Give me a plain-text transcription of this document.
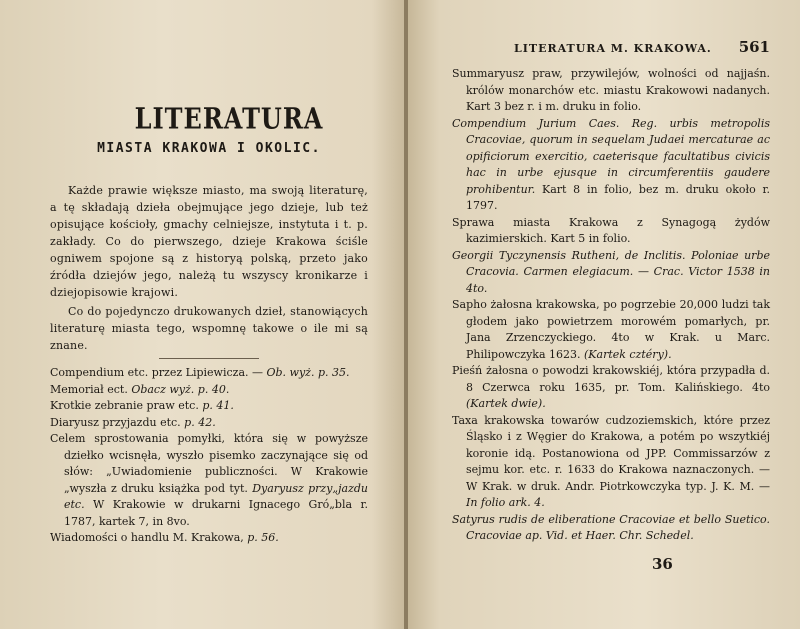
LITERATURA
MIASTA KRAKOWA I OKOLIC.

Każde prawie większe miasto, ma swoją literaturę, a tę składają dzieła obejmujące jego dzieje, lub też opisujące kościoły, gmachy celniejsze, instytuta i t. p. zakłady. Co do pierwszego, dzieje Krakowa ściśle ogniwem spojone są z historyą polską, przeto jako źródła dziejów jego, należą tu wszyscy kronikarze i dziejopisowie krajowi.

Co do pojedynczo drukowanych dzieł, stanowiących literaturę miasta tego, wspomnę takowe o ile mi są znane.

Compendium etc. przez Lipiewicza. — Ob. wyż. p. 35.

Memoriał ect. Obacz wyż. p. 40.

Krotkie zebranie praw etc. p. 41.

Diaryusz przyjazdu etc. p. 42.

Celem sprostowania pomyłki, która się w powyższe dziełko wcisnęła, wyszło pisemko zaczynające się od słów: „Uwiadomienie publiczności. W Krakowie „wyszła z druku książka pod tyt. Dyaryusz przy„jazdu etc. W Krakowie w drukarni Ignacego Gró„bla r. 1787, kartek 7, in 8vo.

Wiadomości o handlu M. Krakowa, p. 56.

LITERATURA M. KRAKOWA. 561

Summaryusz praw, przywilejów, wolności od najjaśn. królów monarchów etc. miastu Krakowowi nadanych. Kart 3 bez r. i m. druku in folio.

Compendium Jurium Caes. Reg. urbis metropolis Cracoviae, quorum in sequelam Judaei mercaturae ac opificiorum exercitio, caeterisque facultatibus civicis hac in urbe ejusque in circumferentiis gaudere prohibentur. Kart 8 in folio, bez m. druku około r. 1797.

Sprawa miasta Krakowa z Synagogą żydów kazimierskich. Kart 5 in folio.

Georgii Tyczynensis Rutheni, de Inclitis. Poloniae urbe Cracovia. Carmen elegiacum. — Crac. Victor 1538 in 4to.

Sapho żałosna krakowska, po pogrzebie 20,000 ludzi tak głodem jako powietrzem morowém pomarłych, pr. Jana Zrzenczyckiego. 4to w Krak. u Marc. Philipowczyka 1623. (Kartek cztéry).

Pieśń żałosna o powodzi krakowskiéj, która przypadła d. 8 Czerwca roku 1635, pr. Tom. Kalińskiego. 4to (Kartek dwie).

Taxa krakowska towarów cudzoziemskich, które przez Śląsko i z Węgier do Krakowa, a potém po wszytkiéj koronie idą. Postanowiona od JPP. Commissarzów z sejmu kor. etc. r. 1633 do Krakowa naznaczonych. — W Krak. w druk. Andr. Piotrkowczyka typ. J. K. M. — In folio ark. 4.

Satyrus rudis de eliberatione Cracoviae et bello Suetico. Cracoviae ap. Vid. et Haer. Chr. Schedel.

36
